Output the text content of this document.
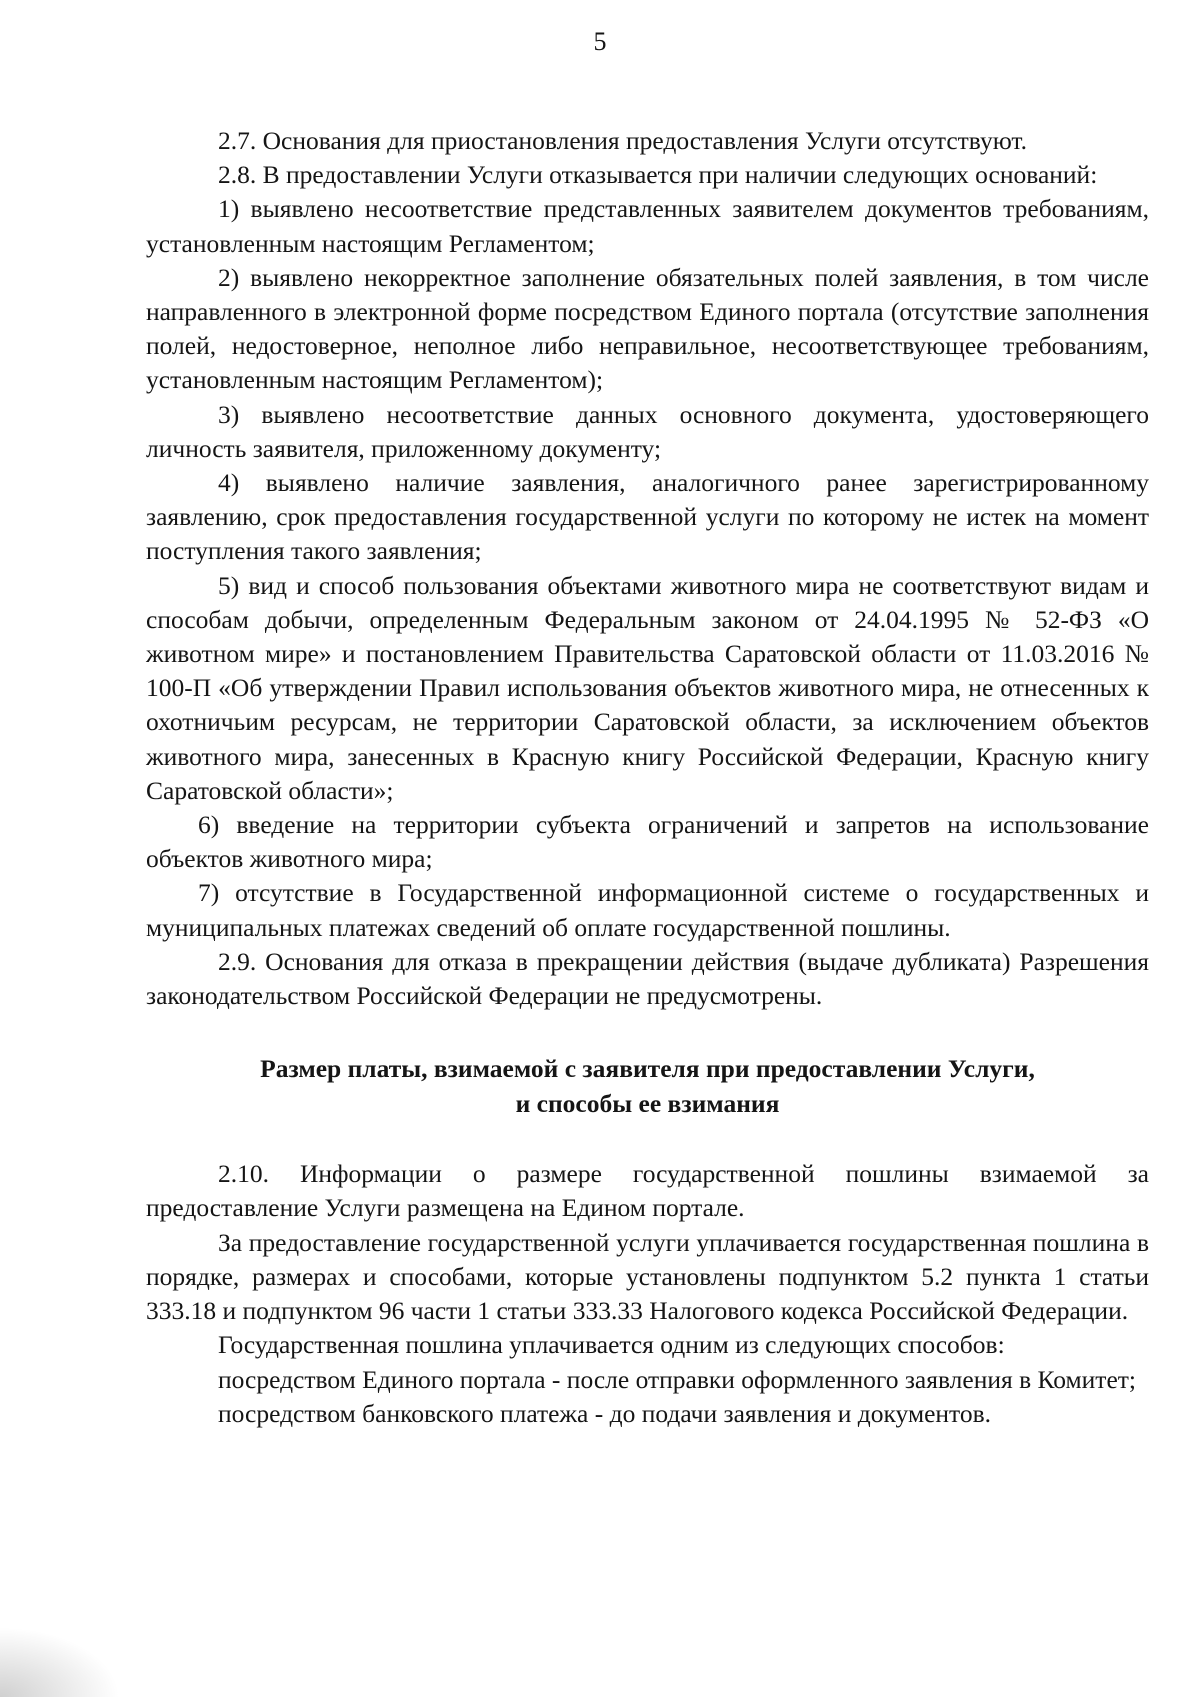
5

2.7. Основания для приостановления предоставления Услуги отсутствуют.

2.8. В предоставлении Услуги отказывается при наличии следующих оснований:

1) выявлено несоответствие представленных заявителем документов требованиям, установленным настоящим Регламентом;

2) выявлено некорректное заполнение обязательных полей заявления, в том числе направленного в электронной форме посредством Единого портала (отсутствие заполнения полей, недостоверное, неполное либо неправильное, несоответствующее требованиям, установленным настоящим Регламентом);

3) выявлено несоответствие данных основного документа, удостоверяющего личность заявителя, приложенному документу;

4) выявлено наличие заявления, аналогичного ранее зарегистрированному заявлению, срок предоставления государственной услуги по которому не истек на момент поступления такого заявления;

5) вид и способ пользования объектами животного мира не соответствуют видам и способам добычи, определенным Федеральным законом от 24.04.1995 № 52-ФЗ «О животном мире» и постановлением Правительства Саратовской области от 11.03.2016 № 100-П «Об утверждении Правил использования объектов животного мира, не отнесенных к охотничьим ресурсам, не территории Саратовской области, за исключением объектов животного мира, занесенных в Красную книгу Российской Федерации, Красную книгу Саратовской области»;

6) введение на территории субъекта ограничений и запретов на использование объектов животного мира;

7) отсутствие в Государственной информационной системе о государственных и муниципальных платежах сведений об оплате государственной пошлины.

2.9. Основания для отказа в прекращении действия (выдаче дубликата) Разрешения законодательством Российской Федерации не предусмотрены.

Размер платы, взимаемой с заявителя при предоставлении Услуги,
и способы ее взимания

2.10. Информации о размере государственной пошлины взимаемой за предоставление Услуги размещена на Едином портале.

За предоставление государственной услуги уплачивается государственная пошлина в порядке, размерах и способами, которые установлены подпунктом 5.2 пункта 1 статьи 333.18 и подпунктом 96 части 1 статьи 333.33 Налогового кодекса Российской Федерации.

Государственная пошлина уплачивается одним из следующих способов:

посредством Единого портала - после отправки оформленного заявления в Комитет;

посредством банковского платежа - до подачи заявления и документов.
